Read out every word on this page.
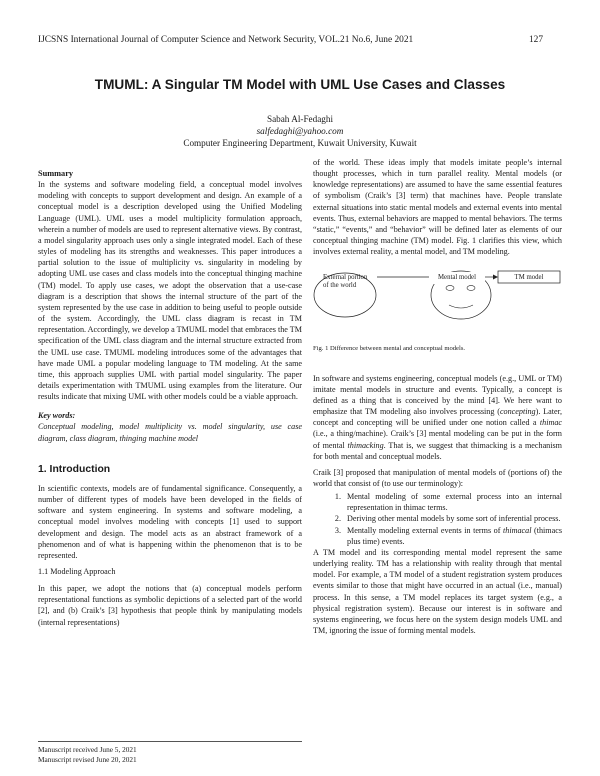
IJCSNS International Journal of Computer Science and Network Security, VOL.21 No.6, June 2021	127
TMUML: A Singular TM Model with UML Use Cases and Classes
Sabah Al-Fedaghi
salfedaghi@yahoo.com
Computer Engineering Department, Kuwait University, Kuwait

Summary

In the systems and software modeling field, a conceptual model involves modeling with concepts to support development and design. An example of a conceptual model is a description developed using the Unified Modeling Language (UML). UML uses a model multiplicity formulation approach, wherein a number of models are used to represent alternative views. By contrast, a model singularity approach uses only a single integrated model. Each of these styles of modeling has its strengths and weaknesses. This paper introduces a partial solution to the issue of multiplicity vs. singularity in modeling by adopting UML use cases and class models into the conceptual thinging machine (TM) model. To apply use cases, we adopt the observation that a use-case diagram is a description that shows the internal structure of the part of the system represented by the use case in addition to being useful to people outside of the system. Accordingly, the UML class diagram is recast in TM representation. Accordingly, we develop a TMUML model that embraces the TM specification of the UML class diagram and the internal structure extracted from the UML use case. TMUML modeling introduces some of the advantages that have made UML a popular modeling language to TM modeling. At the same time, this approach supplies UML with partial model singularity. The paper details experimentation with TMUML using examples from the literature. Our results indicate that mixing UML with other models could be a viable approach.

Key words:

Conceptual modeling, model multiplicity vs. model singularity, use case diagram, class diagram, thinging machine model

1. Introduction

In scientific contexts, models are of fundamental significance. Consequently, a number of different types of models have been developed in the fields of software and system engineering. In systems and software modeling, a conceptual model involves modeling with concepts [1] used to support development and design. The model acts as an abstract framework of a phenomenon and of what is happening within the phenomenon that is to be represented.

1.1 Modeling Approach

In this paper, we adopt the notions that (a) conceptual models perform representational functions as symbolic depictions of a selected part of the world [2], and (b) Craik’s [3] hypothesis that people think by manipulating models (internal representations)

Manuscript received June 5, 2021
Manuscript revised June 20, 2021

of the world. These ideas imply that models imitate people’s internal thought processes, which in turn parallel reality. Mental models (or knowledge representations) are assumed to have the same essential features of symbolism (Craik’s [3] term) that machines have. People translate external situations into static mental models and external events into mental events. Thus, external behaviors are mapped to mental behaviors. The terms “static,” “events,” and “behavior” will be defined later as elements of our conceptual thinging machine (TM) model. Fig. 1 clarifies this view, which involves external reality, a mental model, and TM modeling.

External portion of the world
Mental model	TM model
Fig. 1 Difference between mental and conceptual models.

In software and systems engineering, conceptual models (e.g., UML or TM) imitate mental models in structure and events. Typically, a concept is defined as a thing that is conceived by the mind [4]. We here want to emphasize that TM modeling also involves processing (concepting). Later, concept and concepting will be unified under one notion called a thimac (i.e., a thing/machine). Craik’s [3] mental modeling can be put in the form of mental thimacking. That is, we suggest that thimacking is a mechanism for both mental and conceptual models.

Craik [3] proposed that manipulation of mental models of (portions of) the world that consist of (to use our terminology):

1. Mental modeling of some external process into an internal representation in thimac terms.
2. Deriving other mental models by some sort of inferential process.
3. Mentally modeling external events in terms of thimacal (thimacs plus time) events.

A TM model and its corresponding mental model represent the same underlying reality. TM has a relationship with reality through that mental model. For example, a TM model of a student registration system produces events similar to those that might have occurred in an actual (i.e., manual) process. In this sense, a TM model replaces its target system (e.g., a physical registration system). Because our interest is in software and systems engineering, we focus here on the system design models UML and TM, ignoring the issue of forming mental models.
